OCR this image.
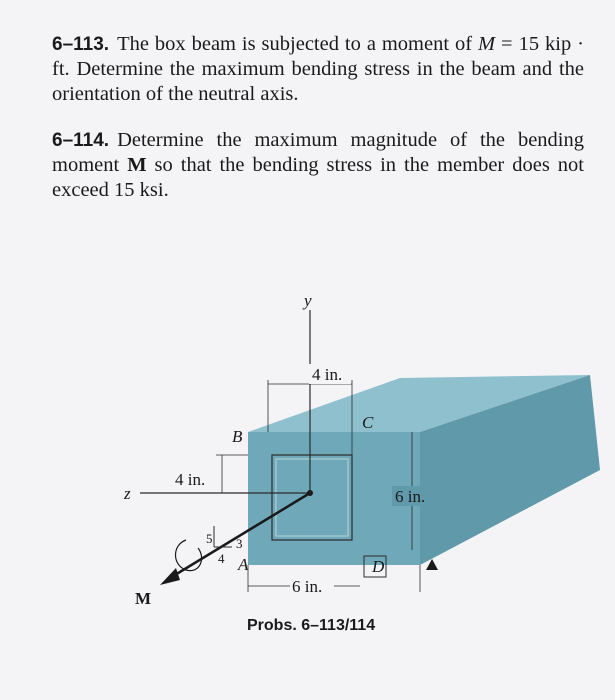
6–113. The box beam is subjected to a moment of M = 15 kip · ft. Determine the maximum bending stress in the beam and the orientation of the neutral axis.
6–114. Determine the maximum magnitude of the bending moment M so that the bending stress in the member does not exceed 15 ksi.
y
z
M
5 3
4
B
C
A	D
4 in.
4 in.
6 in.
6 in.
Probs. 6–113/114
